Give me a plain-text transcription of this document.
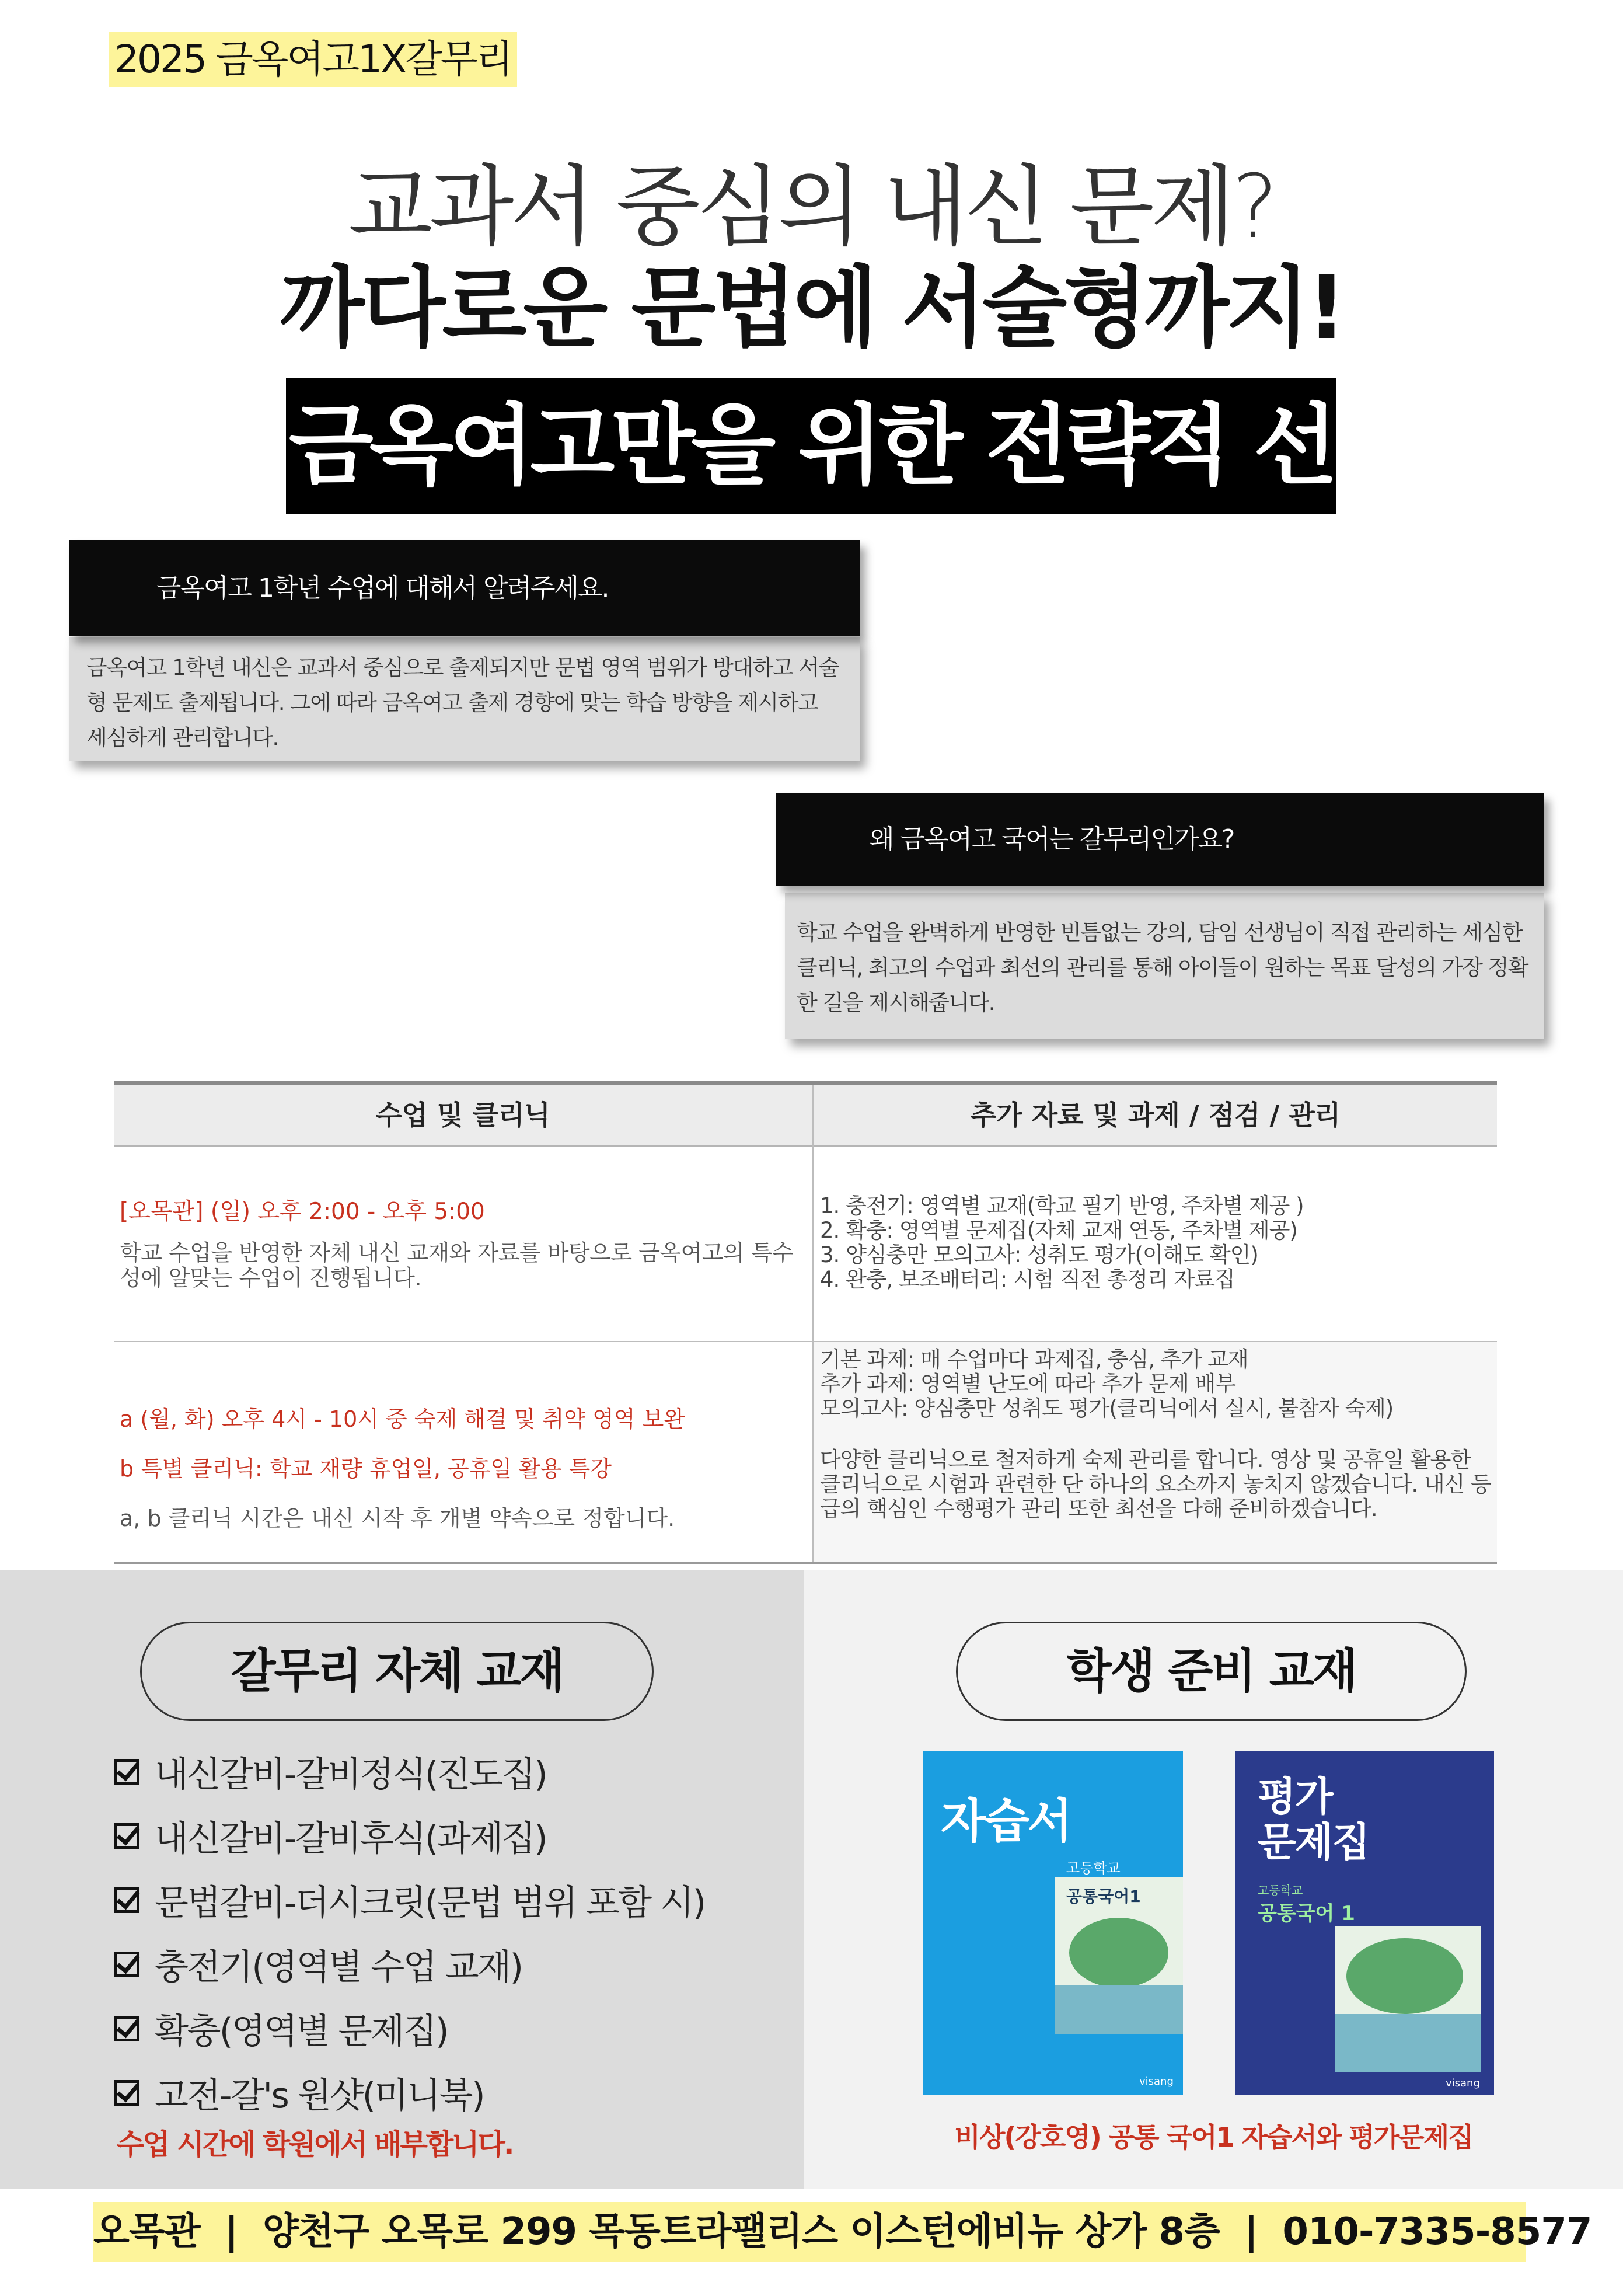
2025 금옥여고1X갈무리
교과서 중심의 내신 문제?
까다로운 문법에 서술형까지!
금옥여고만을 위한 전략적 선
금옥여고 1학년 내신은 교과서 중심으로 출제되지만 문법 영역 범위가 방대하고 서술형 문제도 출제됩니다. 그에 따라 금옥여고 출제 경향에 맞는 학습 방향을 제시하고 세심하게 관리합니다.
금옥여고 1학년 수업에 대해서 알려주세요.
학교 수업을 완벽하게 반영한 빈틈없는 강의, 담임 선생님이 직접 관리하는 세심한 클리닉, 최고의 수업과 최선의 관리를 통해 아이들이 원하는 목표 달성의 가장 정확한 길을 제시해줍니다.
왜 금옥여고 국어는 갈무리인가요?
수업 및 클리닉	추가 자료 및 과제 / 점검 / 관리
[오목관] (일) 오후 2:00 - 오후 5:00
학교 수업을 반영한 자체 내신 교재와 자료를 바탕으로 금옥여고의 특수성에 알맞는 수업이 진행됩니다.
1. 충전기: 영역별 교재(학교 필기 반영, 주차별 제공 )
2. 확충: 영역별 문제집(자체 교재 연동, 주차별 제공)
3. 양심충만 모의고사: 성취도 평가(이해도 확인)
4. 완충, 보조배터리: 시험 직전 총정리 자료집
a (월, 화) 오후 4시 - 10시 중 숙제 해결 및 취약 영역 보완
b 특별 클리닉: 학교 재량 휴업일, 공휴일 활용 특강
a, b 클리닉 시간은 내신 시작 후 개별 약속으로 정합니다.
기본 과제: 매 수업마다 과제집, 충심, 추가 교재
추가 과제: 영역별 난도에 따라 추가 문제 배부
모의고사: 양심충만 성취도 평가(클리닉에서 실시, 불참자 숙제)
다양한 클리닉으로 철저하게 숙제 관리를 합니다. 영상 및 공휴일 활용한 클리닉으로 시험과 관련한 단 하나의 요소까지 놓치지 않겠습니다. 내신 등급의 핵심인 수행평가 관리 또한 최선을 다해 준비하겠습니다.
갈무리 자체 교재	학생 준비 교재
내신갈비-갈비정식(진도집)
내신갈비-갈비후식(과제집)
문법갈비-더시크릿(문법 범위 포함 시)
충전기(영역별 수업 교재)
확충(영역별 문제집)
고전-갈's 원샷(미니북)
수업 시간에 학원에서 배부합니다.
자습서
고등학교
공통국어1
visang
평가
문제집
고등학교
공통국어 1
visang
비상(강호영) 공통 국어1 자습서와 평가문제집
오목관  |  양천구 오목로 299 목동트라팰리스 이스턴에비뉴 상가 8층  |  010-7335-8577
